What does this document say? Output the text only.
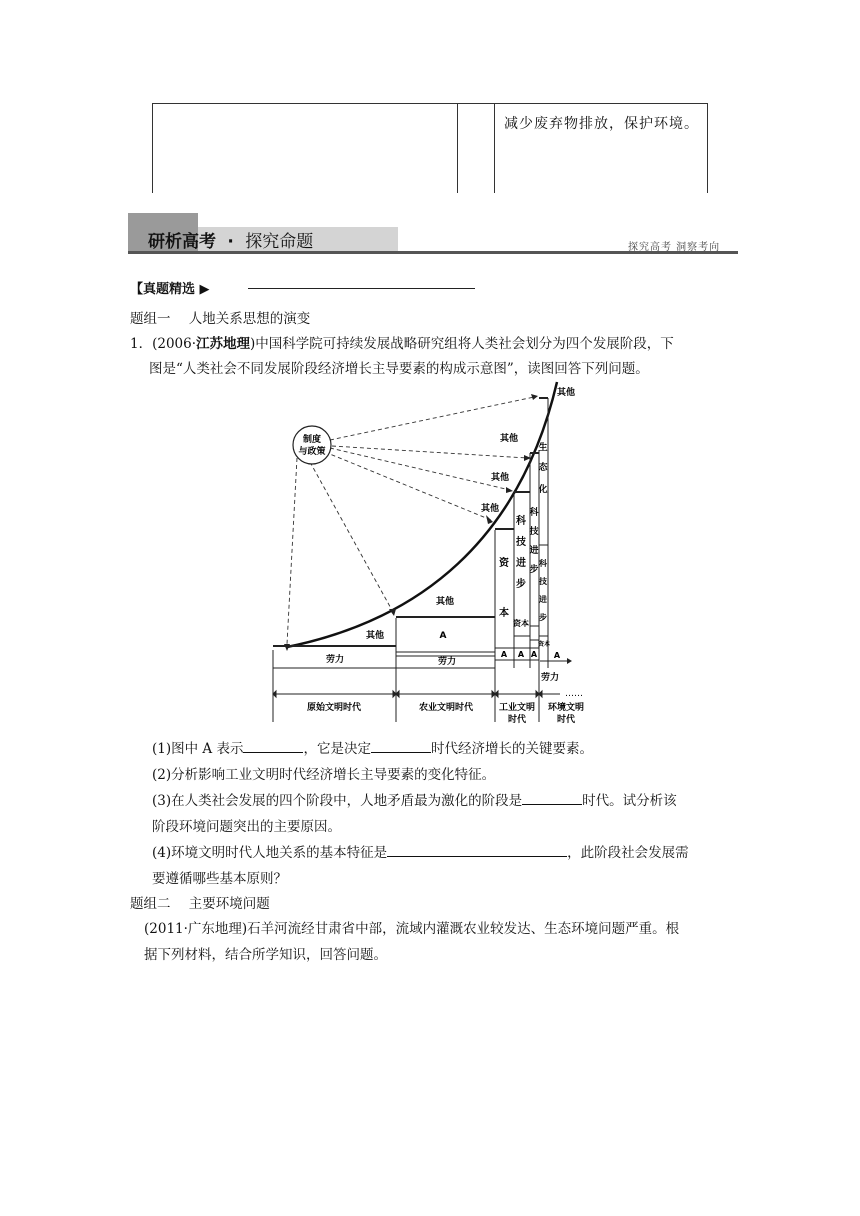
减少废弃物排放，保护环境。
研析高考 · 探究命题	探究高考 洞察考向
【真题精选 ▶
题组一 人地关系思想的演变
1．(2006·江苏地理)中国科学院可持续发展战略研究组将人类社会划分为四个发展阶段，下
图是“人类社会不同发展阶段经济增长主导要素的构成示意图”，读图回答下列问题。
制度
与政策
劳力
其他	A
劳力
其他
其他
其他
其他
资
本
科
技
进
步
资本
科
技
进
步
A A A
其他
生
态
化
科
技
进
步
资本
A
劳力
……
原始文明时代	农业文明时代	工业文明
时代
环境文明
时代
(1)图中 A 表示	，它是决定	时代经济增长的关键要素。
(2)分析影响工业文明时代经济增长主导要素的变化特征。
(3)在人类社会发展的四个阶段中，人地矛盾最为激化的阶段是	时代。试分析该
阶段环境问题突出的主要原因。
(4)环境文明时代人地关系的基本特征是	，此阶段社会发展需
要遵循哪些基本原则？
题组二 主要环境问题
(2011·广东地理)石羊河流经甘肃省中部，流域内灌溉农业较发达、生态环境问题严重。根
据下列材料，结合所学知识，回答问题。
